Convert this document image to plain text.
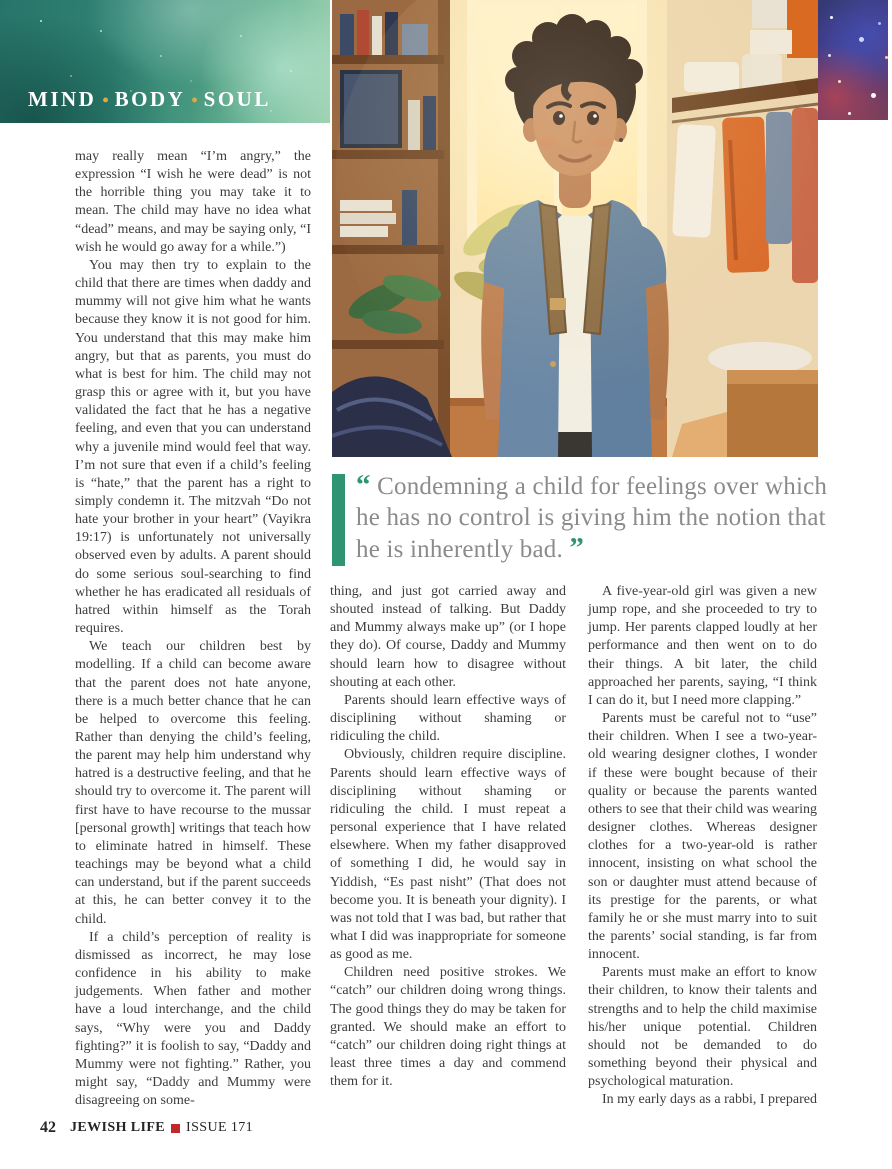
MIND • BODY • SOUL

“ Condemning a child for feelings over which he has no control is giving him the notion that he is inherently bad. ”

may really mean “I’m angry,” the expression “I wish he were dead” is not the horrible thing you may take it to mean. The child may have no idea what “dead” means, and may be saying only, “I wish he would go away for a while.”)

You may then try to explain to the child that there are times when daddy and mummy will not give him what he wants because they know it is not good for him. You understand that this may make him angry, but that as parents, you must do what is best for him. The child may not grasp this or agree with it, but you have validated the fact that he has a negative feeling, and even that you can understand why a juvenile mind would feel that way. I’m not sure that even if a child’s feeling is “hate,” that the parent has a right to simply condemn it. The mitzvah “Do not hate your brother in your heart” (Vayikra 19:17) is unfortunately not universally observed even by adults. A parent should do some serious soul-searching to find whether he has eradicated all residuals of hatred within himself as the Torah requires.

We teach our children best by modelling. If a child can become aware that the parent does not hate anyone, there is a much better chance that he can be helped to overcome this feeling. Rather than denying the child’s feeling, the parent may help him understand why hatred is a destructive feeling, and that he should try to overcome it. The parent will first have to have recourse to the mussar [personal growth] writings that teach how to eliminate hatred in himself. These teachings may be beyond what a child can understand, but if the parent succeeds at this, he can better convey it to the child.

If a child’s perception of reality is dismissed as incorrect, he may lose confidence in his ability to make judgements. When father and mother have a loud interchange, and the child says, “Why were you and Daddy fighting?” it is foolish to say, “Daddy and Mummy were not fighting.” Rather, you might say, “Daddy and Mummy were disagreeing on some-

thing, and just got carried away and shouted instead of talking. But Daddy and Mummy always make up” (or I hope they do). Of course, Daddy and Mummy should learn how to disagree without shouting at each other.

Parents should learn effective ways of disciplining without shaming or ridiculing the child.

Obviously, children require discipline. Parents should learn effective ways of disciplining without shaming or ridiculing the child. I must repeat a personal experience that I have related elsewhere. When my father disapproved of something I did, he would say in Yiddish, “Es past nisht” (That does not become you. It is beneath your dignity). I was not told that I was bad, but rather that what I did was inappropriate for someone as good as me.

Children need positive strokes. We “catch” our children doing wrong things. The good things they do may be taken for granted. We should make an effort to “catch” our children doing right things at least three times a day and commend them for it.

A five-year-old girl was given a new jump rope, and she proceeded to try to jump. Her parents clapped loudly at her performance and then went on to do their things. A bit later, the child approached her parents, saying, “I think I can do it, but I need more clapping.”

Parents must be careful not to “use” their children. When I see a two-year-old wearing designer clothes, I wonder if these were bought because of their quality or because the parents wanted others to see that their child was wearing designer clothes. Whereas designer clothes for a two-year-old is rather innocent, insisting on what school the son or daughter must attend because of its prestige for the parents, or what family he or she must marry into to suit the parents’ social standing, is far from innocent.

Parents must make an effort to know their children, to know their talents and strengths and to help the child maximise his/her unique potential. Children should not be demanded to do something beyond their physical and psychological maturation.

In my early days as a rabbi, I prepared

42 JEWISH LIFE ISSUE 171
